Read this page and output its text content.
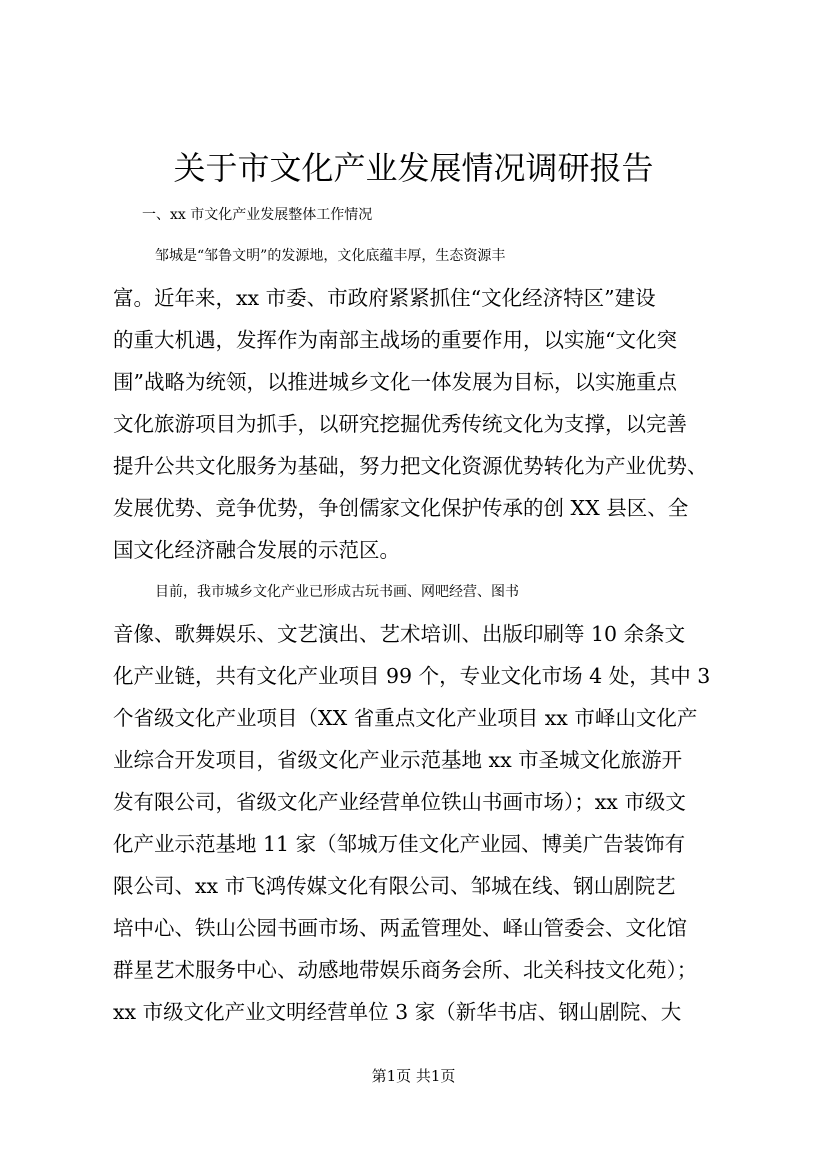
关于市文化产业发展情况调研报告

一、xx 市文化产业发展整体工作情况

邹城是“邹鲁文明”的发源地，文化底蕴丰厚，生态资源丰

富。近年来，xx 市委、市政府紧紧抓住“文化经济特区”建设

的重大机遇，发挥作为南部主战场的重要作用，以实施“文化突

围”战略为统领，以推进城乡文化一体发展为目标，以实施重点

文化旅游项目为抓手，以研究挖掘优秀传统文化为支撑，以完善

提升公共文化服务为基础，努力把文化资源优势转化为产业优势、

发展优势、竞争优势，争创儒家文化保护传承的创 XX 县区、全

国文化经济融合发展的示范区。

目前，我市城乡文化产业已形成古玩书画、网吧经营、图书

音像、歌舞娱乐、文艺演出、艺术培训、出版印刷等 10 余条文

化产业链，共有文化产业项目 99 个，专业文化市场 4 处，其中 3

个省级文化产业项目（XX 省重点文化产业项目 xx 市峄山文化产

业综合开发项目，省级文化产业示范基地 xx 市圣城文化旅游开

发有限公司，省级文化产业经营单位铁山书画市场）；xx 市级文

化产业示范基地 11 家（邹城万佳文化产业园、博美广告装饰有

限公司、xx 市飞鸿传媒文化有限公司、邹城在线、钢山剧院艺

培中心、铁山公园书画市场、两孟管理处、峄山管委会、文化馆

群星艺术服务中心、动感地带娱乐商务会所、北关科技文化苑）；

xx 市级文化产业文明经营单位 3 家（新华书店、钢山剧院、大

第1页 共1页
